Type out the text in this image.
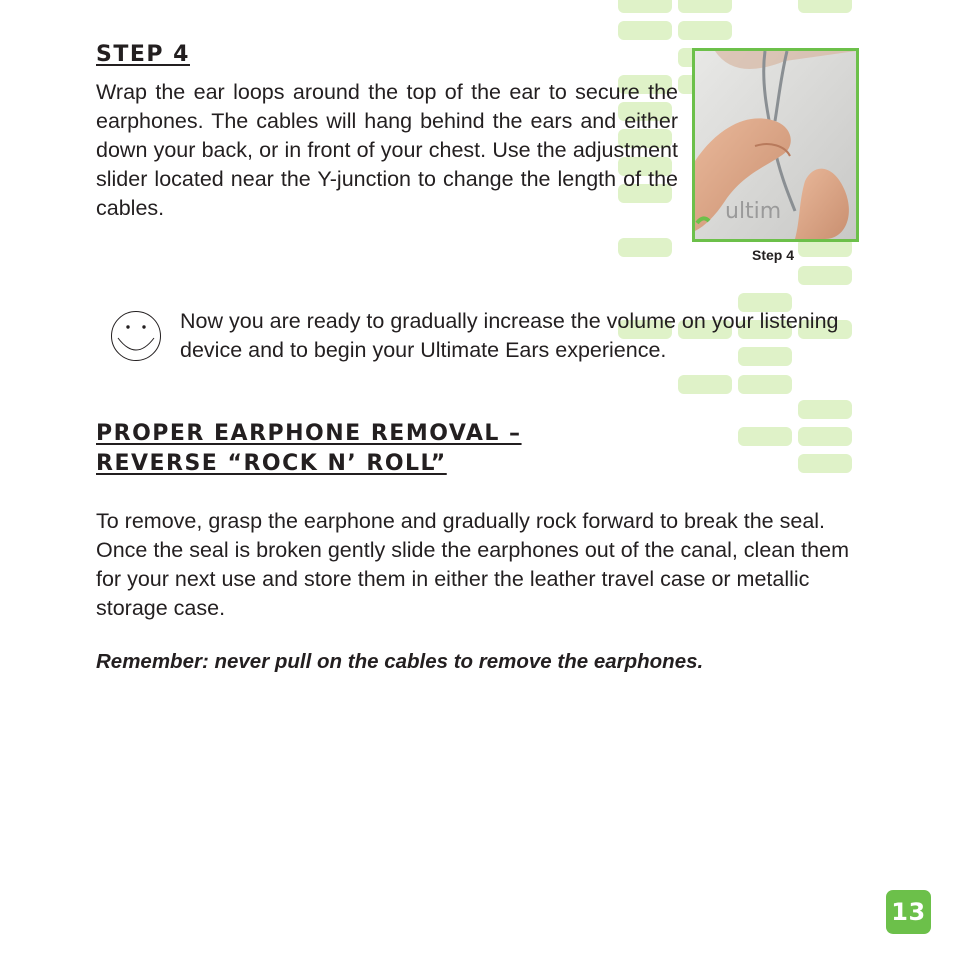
STEP 4

Wrap the ear loops around the top of the ear to secure the earphones. The cables will hang behind the ears and either down your back, or in front of your chest. Use the adjustment slider located near the Y-junction to change the length of the cables.	ultim
Step 4

Now you are ready to gradually increase the volume on your listening device and to begin your Ultimate Ears experience.

PROPER EARPHONE REMOVAL –
REVERSE “ROCK N’ ROLL”

To remove, grasp the earphone and gradually rock forward to break the seal. Once the seal is broken gently slide the earphones out of the canal, clean them for your next use and store them in either the leather travel case or metallic storage case.

Remember: never pull on the cables to remove the earphones.

13
